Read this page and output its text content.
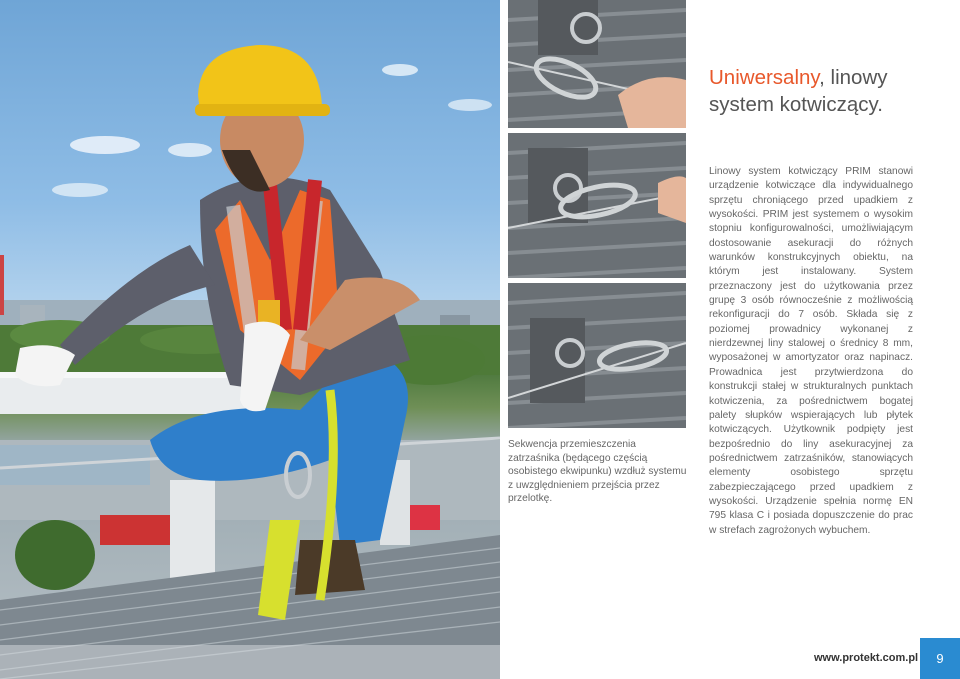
Sekwencja przemieszczenia zatrzaśnika (będącego częścią osobistego ekwipunku) wzdłuż systemu z uwzględnieniem przejścia przez przelotkę.

Uniwersalny, linowy system kotwiczący.

Linowy system kotwiczący PRIM stanowi urządzenie kotwiczące dla indywidualnego sprzętu chroniącego przed upadkiem z wysokości. PRIM jest systemem o wysokim stopniu konfigurowalności, umożliwiającym dostosowanie asekuracji do różnych warunków konstrukcyjnych obiektu, na którym jest instalowany. System przeznaczony jest do użytkowania przez grupę 3 osób równocześnie z możliwością rekonfiguracji do 7 osób. Składa się z poziomej prowadnicy wykonanej z nierdzewnej liny stalowej o średnicy 8 mm, wyposażonej w amortyzator oraz napinacz. Prowadnica jest przytwierdzona do konstrukcji stałej w strukturalnych punktach kotwiczenia, za pośrednictwem bogatej palety słupków wspierających lub płytek kotwiczących. Użytkownik podpięty jest bezpośrednio do liny asekuracyjnej za pośrednictwem zatrzaśników, stanowiących elementy osobistego sprzętu zabezpieczającego przed upadkiem z wysokości. Urządzenie spełnia normę EN 795 klasa C i posiada dopuszczenie do prac w strefach zagrożonych wybuchem.

www.protekt.com.pl 9
